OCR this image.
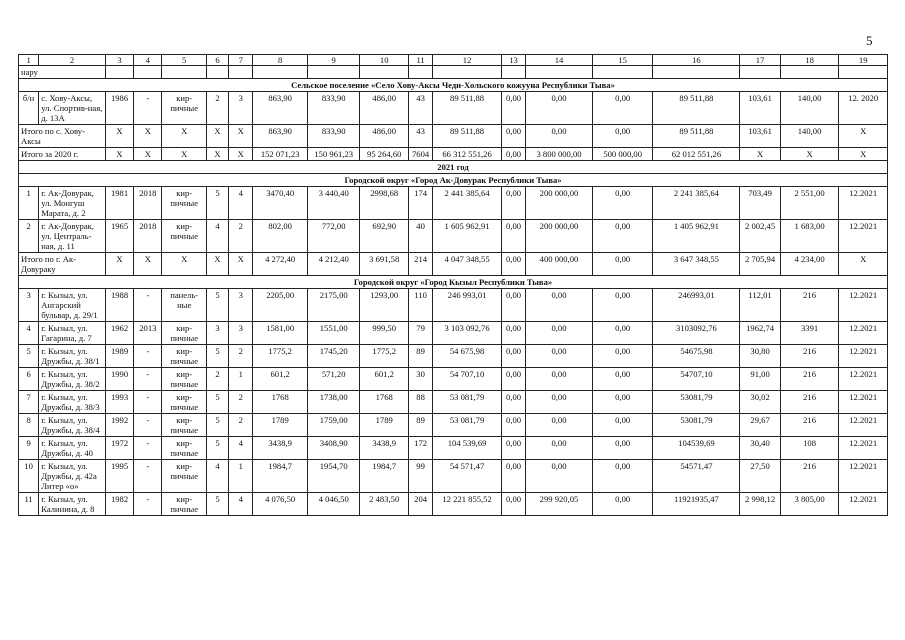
5
1	2	3	4	5	6	7	8	9	10	11	12	13	14	15	16	17	18	19
нару																		
Сельское поселение «Село Хову-Аксы Чеди-Хольского кожууна Республики Тыва»																		
б/н	с. Хову-Аксы, ул. Спортив-ная, д. 13А	1986	-	кир-пичные	2	3	863,90	833,90	486,00	43	89 511,88	0,00	0,00	0,00	89 511,88	103,61	140,00	12. 2020
Итого по с. Хову-Аксы		X	X	X	X	X	863,90	833,90	486,00	43	89 511,88	0,00	0,00	0,00	89 511,88	103,61	140,00	X
Итого за 2020 г.		X	X	X	X	X	152 071,23	150 961,23	95 264,60	7604	66 312 551,26	0,00	3 800 000,00	500 000,00	62 012 551,26	X	X	X
2021 год																		
Городской округ «Город Ак-Довурак Республики Тыва»																		
1	г. Ак-Довурак, ул. Монгуш Марата, д. 2	1981	2018	кир-пичные	5	4	3470,40	3 440,40	2998,68	174	2 441 385,64	0,00	200 000,00	0,00	2 241 385,64	703,49	2 551,00	12.2021
2	г. Ак-Довурак, ул. Централь-ная, д. 11	1965	2018	кир-пичные	4	2	802,00	772,00	692,90	40	1 605 962,91	0,00	200 000,00	0,00	1 405 962,91	2 002,45	1 683,00	12.2021
Итого по г. Ак-Довураку		X	X	X	X	X	4 272,40	4 212,40	3 691,58	214	4 047 348,55	0,00	400 000,00	0,00	3 647 348,55	2 705,94	4 234,00	X
Городской округ «Город Кызыл Республики Тыва»																		
3	г. Кызыл, ул. Ангарский бульвар, д. 29/1	1988	-	панель-ные	5	3	2205,00	2175,00	1293,00	110	246 993,01	0,00	0,00	0,00	246993,01	112,01	216	12.2021
4	г. Кызыл, ул. Гагарина, д. 7	1962	2013	кир-пичные	3	3	1581,00	1551,00	999,50	79	3 103 092,76	0,00	0,00	0,00	3103092,76	1962,74	3391	12.2021
5	г. Кызыл, ул. Дружбы, д. 38/1	1989	-	кир-пичные	5	2	1775,2	1745,20	1775,2	89	54 675,98	0,00	0,00	0,00	54675,98	30,80	216	12.2021
6	г. Кызыл, ул. Дружбы, д. 38/2	1990	-	кир-пичные	2	1	601,2	571,20	601,2	30	54 707,10	0,00	0,00	0,00	54707,10	91,00	216	12.2021
7	г. Кызыл, ул. Дружбы, д. 38/3	1993	-	кир-пичные	5	2	1768	1738,00	1768	88	53 081,79	0,00	0,00	0,00	53081,79	30,02	216	12.2021
8	г. Кызыл, ул. Дружбы, д. 38/4	1992	-	кир-пичные	5	2	1789	1759,00	1789	89	53 081,79	0,00	0,00	0,00	53081,79	29,67	216	12.2021
9	г. Кызыл, ул. Дружбы, д. 40	1972	-	кир-пичные	5	4	3438,9	3408,90	3438,9	172	104 539,69	0,00	0,00	0,00	104539,69	30,40	108	12.2021
10	г. Кызыл, ул. Дружбы, д. 42а Литер «о»	1995	-	кир-пичные	4	1	1984,7	1954,70	1984,7	99	54 571,47	0,00	0,00	0,00	54571,47	27,50	216	12.2021
11	г. Кызыл, ул. Калинина, д. 8	1982	-	кир-пичные	5	4	4 076,50	4 046,50	2 483,50	204	12 221 855,52	0,00	299 920,05	0,00	11921935,47	2 998,12	3 805,00	12.2021
